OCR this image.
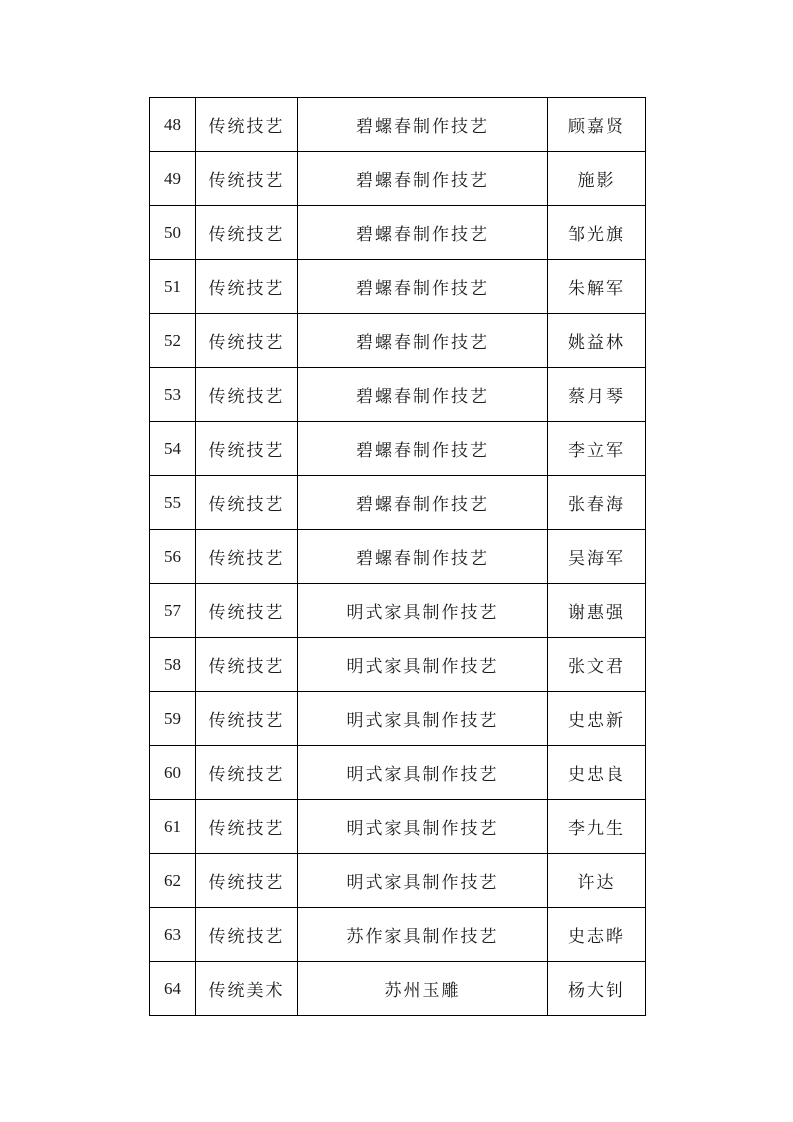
48	传统技艺	碧螺春制作技艺	顾嘉贤
49	传统技艺	碧螺春制作技艺	施影
50	传统技艺	碧螺春制作技艺	邹光旗
51	传统技艺	碧螺春制作技艺	朱解军
52	传统技艺	碧螺春制作技艺	姚益林
53	传统技艺	碧螺春制作技艺	蔡月琴
54	传统技艺	碧螺春制作技艺	李立军
55	传统技艺	碧螺春制作技艺	张春海
56	传统技艺	碧螺春制作技艺	吴海军
57	传统技艺	明式家具制作技艺	谢惠强
58	传统技艺	明式家具制作技艺	张文君
59	传统技艺	明式家具制作技艺	史忠新
60	传统技艺	明式家具制作技艺	史忠良
61	传统技艺	明式家具制作技艺	李九生
62	传统技艺	明式家具制作技艺	许达
63	传统技艺	苏作家具制作技艺	史志晔
64	传统美术	苏州玉雕	杨大钊
